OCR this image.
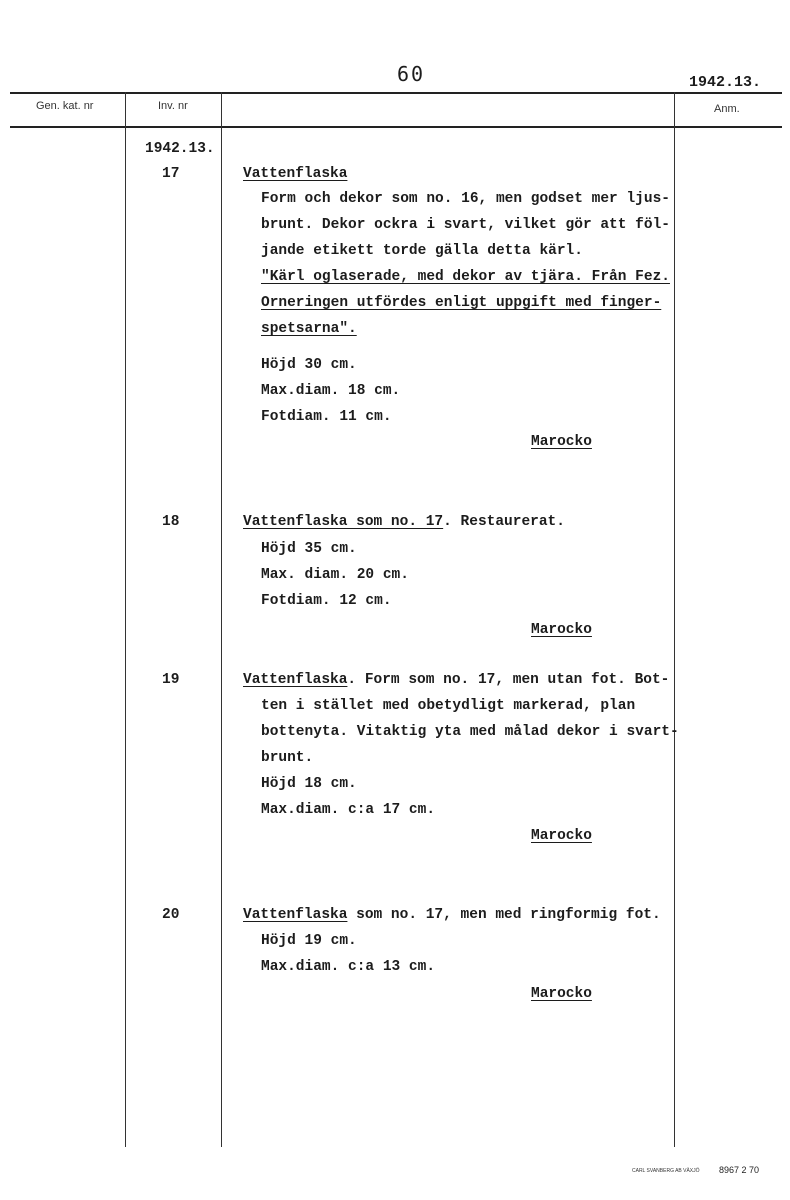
60	1942.13.
Gen. kat. nr	Inv. nr	Anm.
1942.13.
17	Vattenflaska
Form och dekor som no. 16, men godset mer ljus-
brunt. Dekor ockra i svart, vilket gör att föl-
jande etikett torde gälla detta kärl.
"Kärl oglaserade, med dekor av tjära. Från Fez.
Orneringen utfördes enligt uppgift med finger-
spetsarna".
Höjd 30 cm.
Max.diam. 18 cm.
Fotdiam. 11 cm.
Marocko
18	Vattenflaska som no. 17. Restaurerat.
Höjd 35 cm.
Max. diam. 20 cm.
Fotdiam. 12 cm.
Marocko
19	Vattenflaska. Form som no. 17, men utan fot. Bot-
ten i stället med obetydligt markerad, plan
bottenyta. Vitaktig yta med målad dekor i svart-
brunt.
Höjd 18 cm.
Max.diam. c:a 17 cm.
Marocko
20	Vattenflaska som no. 17, men med ringformig fot.
Höjd 19 cm.
Max.diam. c:a 13 cm.
Marocko
CARL SVANBERG AB VÄXJÖ 8967 2 70
